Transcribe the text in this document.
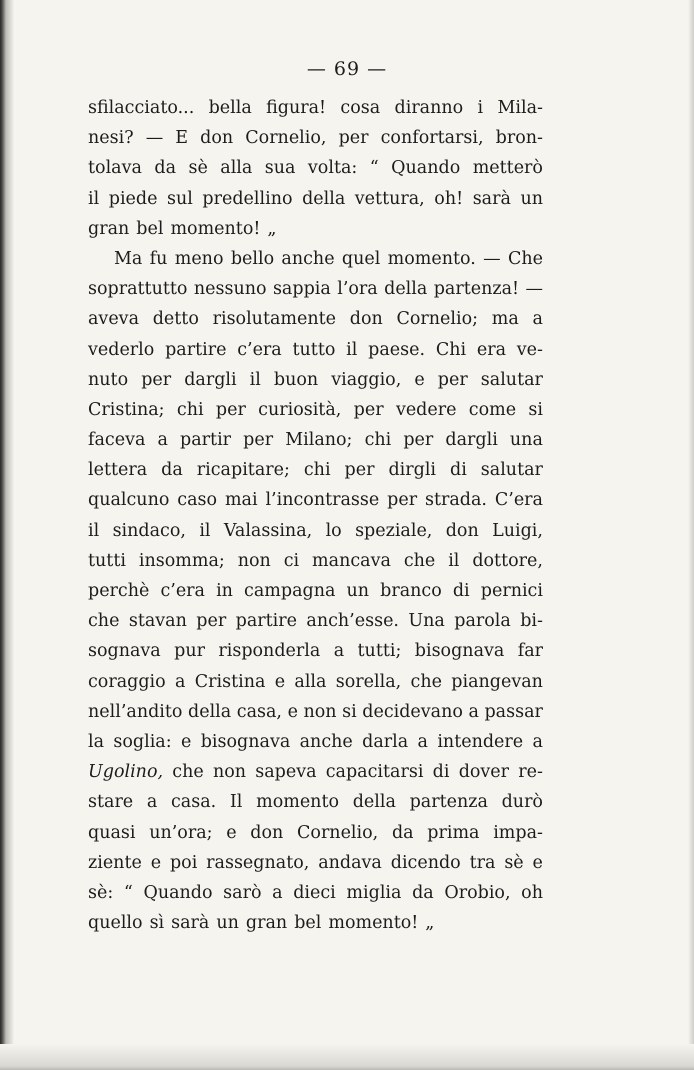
— 69 —
sfilacciato... bella figura! cosa diranno i Mila-
nesi? — E don Cornelio, per confortarsi, bron-
tolava da sè alla sua volta: “ Quando metterò
il piede sul predellino della vettura, oh! sarà un
gran bel momento! „
Ma fu meno bello anche quel momento. — Che
soprattutto nessuno sappia l’ora della partenza! —
aveva detto risolutamente don Cornelio; ma a
vederlo partire c’era tutto il paese. Chi era ve-
nuto per dargli il buon viaggio, e per salutar
Cristina; chi per curiosità, per vedere come si
faceva a partir per Milano; chi per dargli una
lettera da ricapitare; chi per dirgli di salutar
qualcuno caso mai l’incontrasse per strada. C’era
il sindaco, il Valassina, lo speziale, don Luigi,
tutti insomma; non ci mancava che il dottore,
perchè c’era in campagna un branco di pernici
che stavan per partire anch’esse. Una parola bi-
sognava pur risponderla a tutti; bisognava far
coraggio a Cristina e alla sorella, che piangevan
nell’andito della casa, e non si decidevano a passar
la soglia: e bisognava anche darla a intendere a
Ugolino, che non sapeva capacitarsi di dover re-
stare a casa. Il momento della partenza durò
quasi un’ora; e don Cornelio, da prima impa-
ziente e poi rassegnato, andava dicendo tra sè e
sè: “ Quando sarò a dieci miglia da Orobio, oh
quello sì sarà un gran bel momento! „
